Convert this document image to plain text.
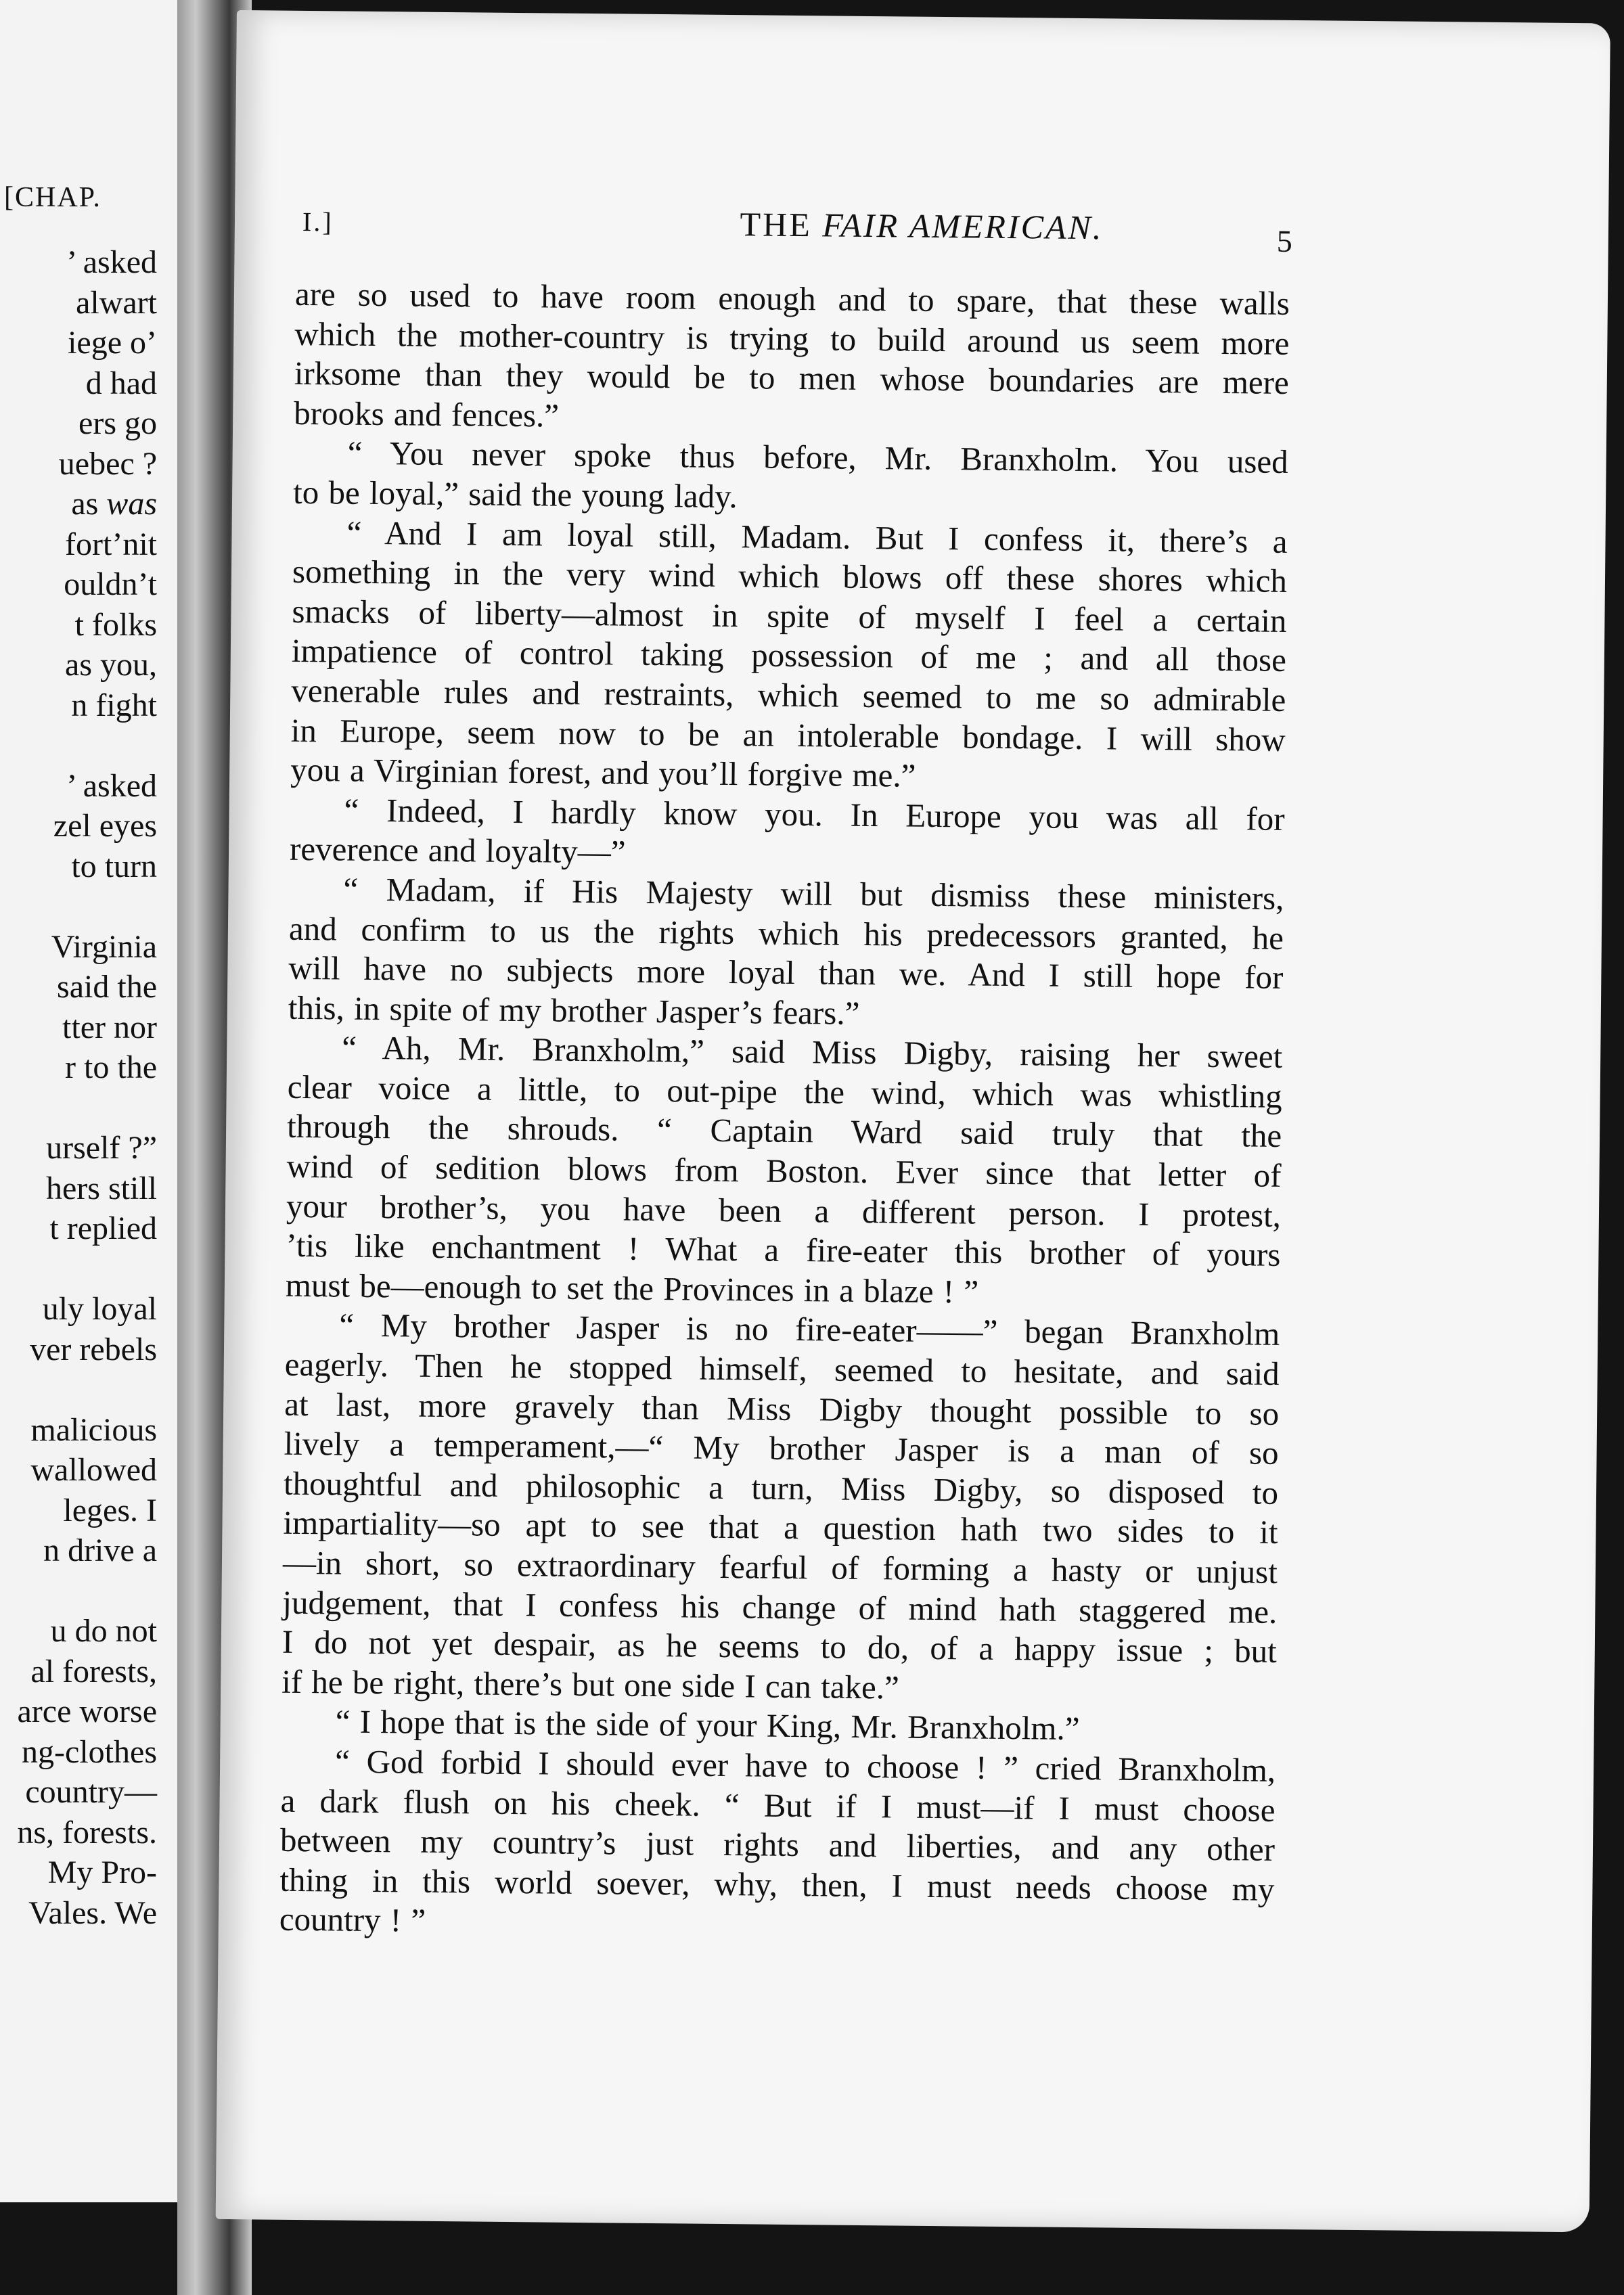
[CHAP.
’ asked
alwart
iege o’
d had
ers go
uebec ?
as was
fort’nit
ouldn’t
t folks
as you,
n fight
’ asked
zel eyes
to turn
Virginia
said the
tter nor
r to the
urself ?”
hers still
t replied
uly loyal
ver rebels
malicious
wallowed
leges. I
n drive a
u do not
al forests,
arce worse
ng-clothes
country—
ns, forests.
My Pro-
Vales. We
I.]	THE FAIR AMERICAN.	5
are so used to have room enough and to spare, that these walls
which the mother-country is trying to build around us seem more
irksome than they would be to men whose boundaries are mere
brooks and fences.”
“ You never spoke thus before, Mr. Branxholm. You used
to be loyal,” said the young lady.
“ And I am loyal still, Madam. But I confess it, there’s a
something in the very wind which blows off these shores which
smacks of liberty—almost in spite of myself I feel a certain
impatience of control taking possession of me ; and all those
venerable rules and restraints, which seemed to me so admirable
in Europe, seem now to be an intolerable bondage. I will show
you a Virginian forest, and you’ll forgive me.”
“ Indeed, I hardly know you. In Europe you was all for
reverence and loyalty—”
“ Madam, if His Majesty will but dismiss these ministers,
and confirm to us the rights which his predecessors granted, he
will have no subjects more loyal than we. And I still hope for
this, in spite of my brother Jasper’s fears.”
“ Ah, Mr. Branxholm,” said Miss Digby, raising her sweet
clear voice a little, to out-pipe the wind, which was whistling
through the shrouds. “ Captain Ward said truly that the
wind of sedition blows from Boston. Ever since that letter of
your brother’s, you have been a different person. I protest,
’tis like enchantment ! What a fire-eater this brother of yours
must be—enough to set the Provinces in a blaze ! ”
“ My brother Jasper is no fire-eater——” began Branxholm
eagerly. Then he stopped himself, seemed to hesitate, and said
at last, more gravely than Miss Digby thought possible to so
lively a temperament,—“ My brother Jasper is a man of so
thoughtful and philosophic a turn, Miss Digby, so disposed to
impartiality—so apt to see that a question hath two sides to it
—in short, so extraordinary fearful of forming a hasty or unjust
judgement, that I confess his change of mind hath staggered me.
I do not yet despair, as he seems to do, of a happy issue ; but
if he be right, there’s but one side I can take.”
“ I hope that is the side of your King, Mr. Branxholm.”
“ God forbid I should ever have to choose ! ” cried Branxholm,
a dark flush on his cheek. “ But if I must—if I must choose
between my country’s just rights and liberties, and any other
thing in this world soever, why, then, I must needs choose my
country ! ”
